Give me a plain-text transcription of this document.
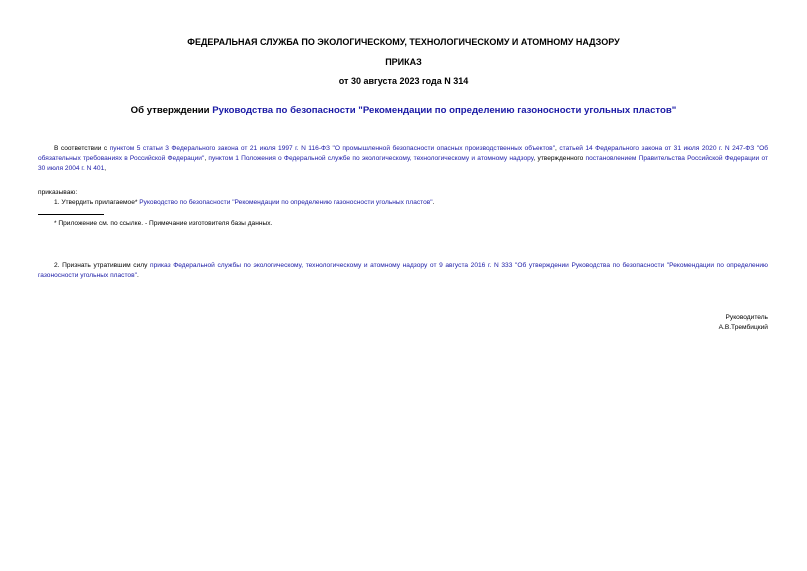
ФЕДЕРАЛЬНАЯ СЛУЖБА ПО ЭКОЛОГИЧЕСКОМУ, ТЕХНОЛОГИЧЕСКОМУ И АТОМНОМУ НАДЗОРУ
ПРИКАЗ
от 30 августа 2023 года N 314
Об утверждении Руководства по безопасности "Рекомендации по определению газоносности угольных пластов"
В соответствии с пунктом 5 статьи 3 Федерального закона от 21 июля 1997 г. N 116-ФЗ "О промышленной безопасности опасных производственных объектов", статьей 14 Федерального закона от 31 июля 2020 г. N 247-ФЗ "Об обязательных требованиях в Российской Федерации", пунктом 1 Положения о Федеральной службе по экологическому, технологическому и атомному надзору, утвержденного постановлением Правительства Российской Федерации от 30 июля 2004 г. N 401,
приказываю:
1. Утвердить прилагаемое* Руководство по безопасности "Рекомендации по определению газоносности угольных пластов".
* Приложение см. по ссылке. - Примечание изготовителя базы данных.
2. Признать утратившим силу приказ Федеральной службы по экологическому, технологическому и атомному надзору от 9 августа 2016 г. N 333 "Об утверждении Руководства по безопасности "Рекомендации по определению газоносности угольных пластов".
Руководитель
А.В.Трембицкий
